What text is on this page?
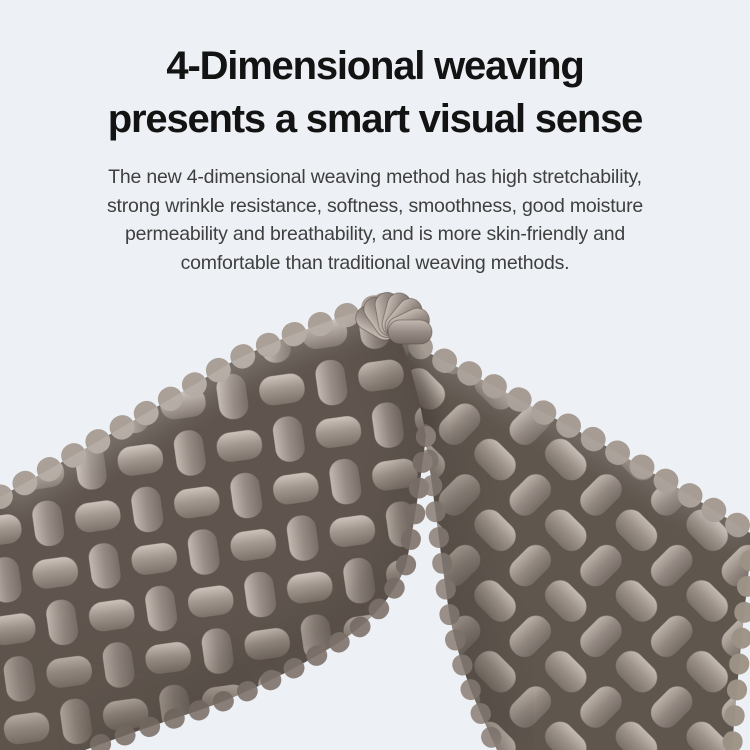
4-Dimensional weaving
presents a smart visual sense
The new 4-dimensional weaving method has high stretchability,
strong wrinkle resistance, softness, smoothness, good moisture
permeability and breathability, and is more skin-friendly and
comfortable than traditional weaving methods.
